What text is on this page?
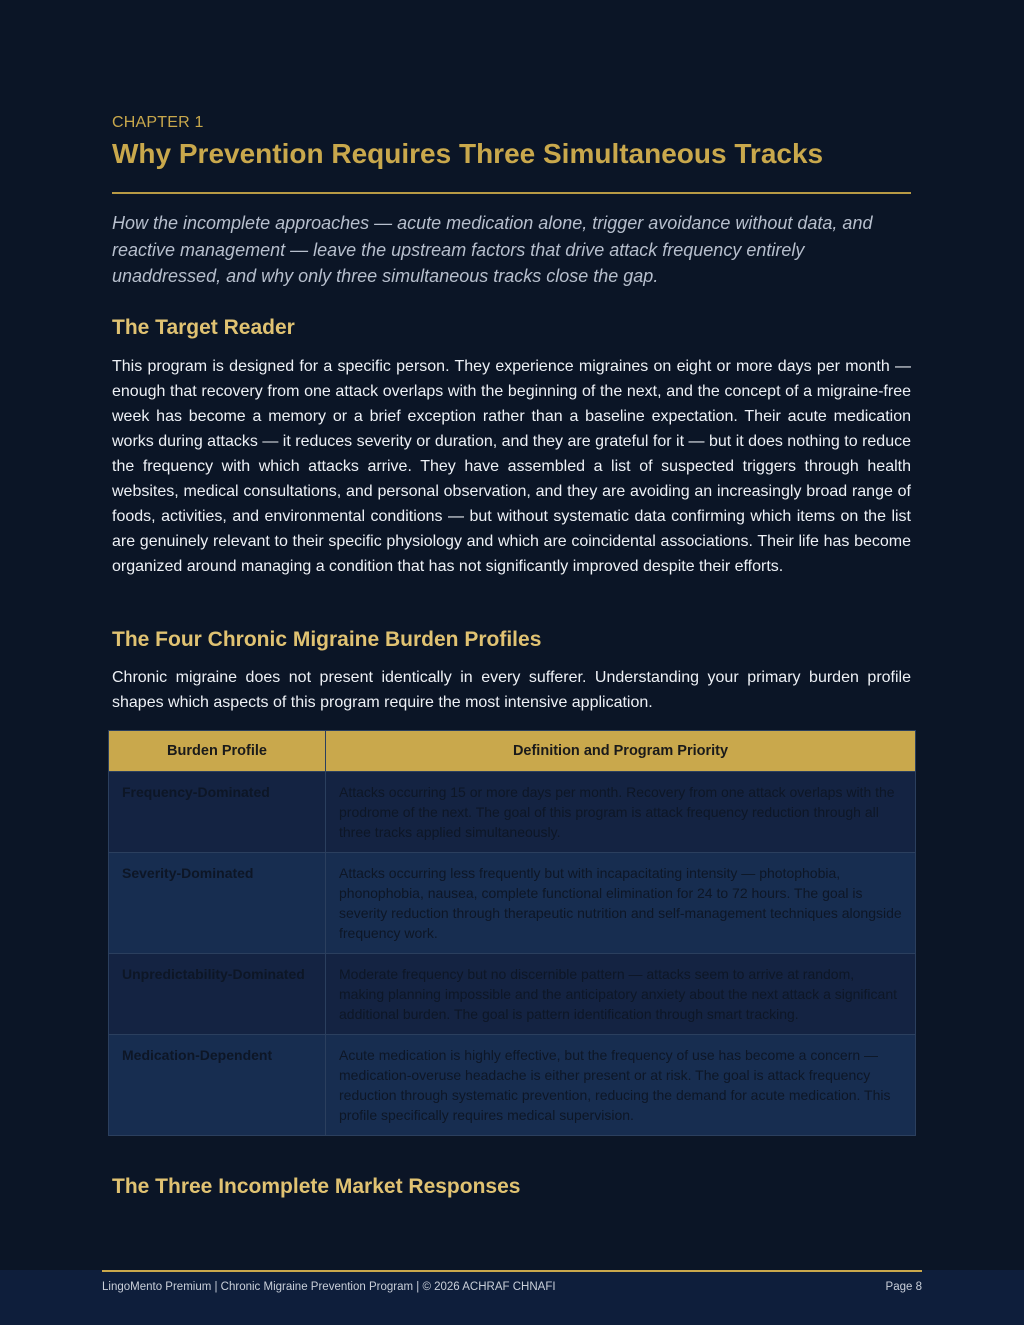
CHAPTER 1
Why Prevention Requires Three Simultaneous Tracks

How the incomplete approaches — acute medication alone, trigger avoidance without data, and reactive management — leave the upstream factors that drive attack frequency entirely unaddressed, and why only three simultaneous tracks close the gap.

The Target Reader

This program is designed for a specific person. They experience migraines on eight or more days per month — enough that recovery from one attack overlaps with the beginning of the next, and the concept of a migraine-free week has become a memory or a brief exception rather than a baseline expectation. Their acute medication works during attacks — it reduces severity or duration, and they are grateful for it — but it does nothing to reduce the frequency with which attacks arrive. They have assembled a list of suspected triggers through health websites, medical consultations, and personal observation, and they are avoiding an increasingly broad range of foods, activities, and environmental conditions — but without systematic data confirming which items on the list are genuinely relevant to their specific physiology and which are coincidental associations. Their life has become organized around managing a condition that has not significantly improved despite their efforts.

The Four Chronic Migraine Burden Profiles

Chronic migraine does not present identically in every sufferer. Understanding your primary burden profile shapes which aspects of this program require the most intensive application.

Burden Profile	Definition and Program Priority
Frequency-Dominated	Attacks occurring 15 or more days per month. Recovery from one attack overlaps with the prodrome of the next. The goal of this program is attack frequency reduction through all three tracks applied simultaneously.
Severity-Dominated	Attacks occurring less frequently but with incapacitating intensity — photophobia, phonophobia, nausea, complete functional elimination for 24 to 72 hours. The goal is severity reduction through therapeutic nutrition and self-management techniques alongside frequency work.
Unpredictability-Dominated	Moderate frequency but no discernible pattern — attacks seem to arrive at random, making planning impossible and the anticipatory anxiety about the next attack a significant additional burden. The goal is pattern identification through smart tracking.
Medication-Dependent	Acute medication is highly effective, but the frequency of use has become a concern — medication-overuse headache is either present or at risk. The goal is attack frequency reduction through systematic prevention, reducing the demand for acute medication. This profile specifically requires medical supervision.
The Three Incomplete Market Responses
LingoMento Premium | Chronic Migraine Prevention Program | © 2026 ACHRAF CHNAFI	Page 8
